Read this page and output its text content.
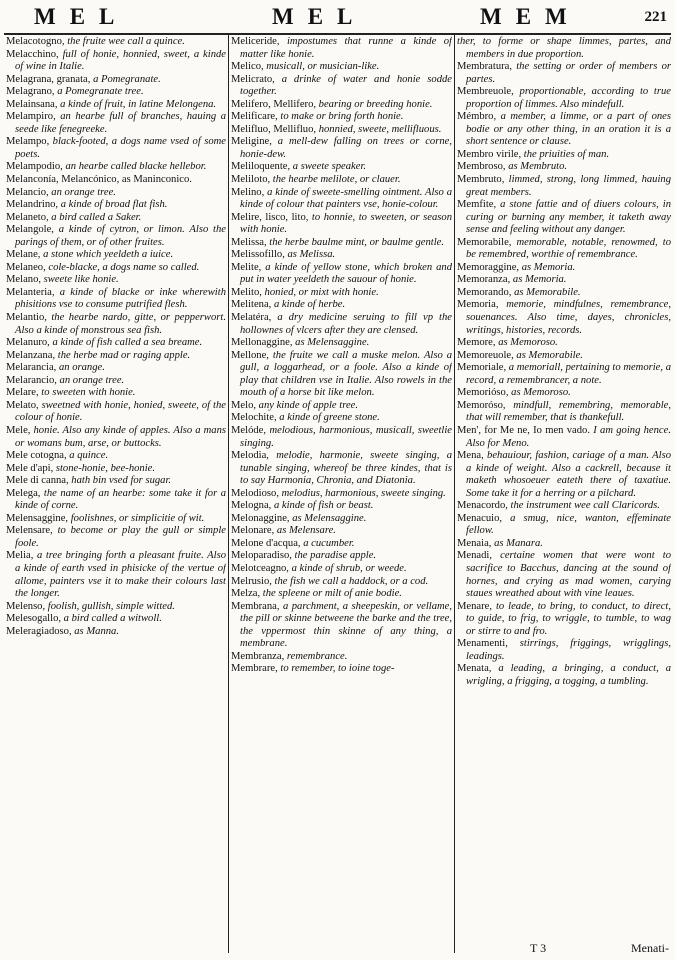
MEL	MEL	MEM	221

Melacotogno, the fruite wee call a quince.

Melacchino, full of honie, honnied, sweet, a kinde of wine in Italie.

Melagrana, granata, a Pomegranate.

Melagrano, a Pomegranate tree.

Melainsana, a kinde of fruit, in latine Melongena.

Melampiro, an hearbe full of branches, hauing a seede like fenegreeke.

Melampo, black-footed, a dogs name vsed of some poets.

Melampodio, an hearbe called blacke hellebor.

Melanconía, Melancónico, as Maninconico.

Melancio, an orange tree.

Melandrino, a kinde of broad flat fish.

Melaneto, a bird called a Saker.

Melangole, a kinde of cytron, or limon. Also the parings of them, or of other fruites.

Melane, a stone which yeeldeth a iuice.

Melaneo, cole-blacke, a dogs name so called.

Melano, sweete like honie.

Melanteria, a kinde of blacke or inke wherewith phisitions vse to consume putrified flesh.

Melantio, the hearbe nardo, gitte, or pepperwort. Also a kinde of monstrous sea fish.

Melanuro, a kinde of fish called a sea breame.

Melanzana, the herbe mad or raging apple.

Melarancia, an orange.

Melarancio, an orange tree.

Melare, to sweeten with honie.

Melato, sweetned with honie, honied, sweete, of the colour of honie.

Mele, honie. Also any kinde of apples. Also a mans or womans bum, arse, or buttocks.

Mele cotogna, a quince.

Mele d'api, stone-honie, bee-honie.

Mele di canna, hath bin vsed for sugar.

Melega, the name of an hearbe: some take it for a kinde of corne.

Melensaggine, foolishnes, or simplicitie of wit.

Melensare, to become or play the gull or simple foole.

Melia, a tree bringing forth a pleasant fruite. Also a kinde of earth vsed in phisicke of the vertue of allome, painters vse it to make their colours last the longer.

Melenso, foolish, gullish, simple witted.

Melesogallo, a bird called a witwoll.

Meleragiadoso, as Manna.

Meliceride, impostumes that runne a kinde of matter like honie.

Melico, musicall, or musician-like.

Melicrato, a drinke of water and honie sodde together.

Melifero, Mellifero, bearing or breeding honie.

Melificare, to make or bring forth honie.

Melifluo, Mellifluo, honnied, sweete, mellifluous.

Meligine, a mell-dew falling on trees or corne, honie-dew.

Meliloquente, a sweete speaker.

Meliloto, the hearbe melilote, or clauer.

Melino, a kinde of sweete-smelling ointment. Also a kinde of colour that painters vse, honie-colour.

Melire, lisco, lito, to honnie, to sweeten, or season with honie.

Melissa, the herbe baulme mint, or baulme gentle.

Melissofillo, as Melissa.

Melite, a kinde of yellow stone, which broken and put in water yeeldeth the sauour of honie.

Melito, honied, or mixt with honie.

Melitena, a kinde of herbe.

Melatéra, a dry medicine seruing to fill vp the hollownes of vlcers after they are clensed.

Mellonaggine, as Melensaggine.

Mellone, the fruite we call a muske melon. Also a gull, a loggarhead, or a foole. Also a kinde of play that children vse in Italie. Also rowels in the mouth of a horse bit like melon.

Melo, any kinde of apple tree.

Melochite, a kinde of greene stone.

Melóde, melodious, harmonious, musicall, sweetlie singing.

Melodia, melodie, harmonie, sweete singing, a tunable singing, whereof be three kindes, that is to say Harmonia, Chronia, and Diatonia.

Melodioso, melodius, harmonious, sweete singing.

Melogna, a kinde of fish or beast.

Melonaggine, as Melensaggine.

Melonare, as Melensare.

Melone d'acqua, a cucumber.

Meloparadiso, the paradise apple.

Melotceagno, a kinde of shrub, or weede.

Melrusio, the fish we call a haddock, or a cod.

Melza, the spleene or milt of anie bodie.

Membrana, a parchment, a sheepeskin, or vellame, the pill or skinne betweene the barke and the tree, the vppermost thin skinne of any thing, a membrane.

Membranza, remembrance.

Membrare, to remember, to ioine toge-

ther, to forme or shape limmes, partes, and members in due proportion.

Membratura, the setting or order of members or partes.

Membreuole, proportionable, according to true proportion of limmes. Also mindefull.

Mémbro, a member, a limme, or a part of ones bodie or any other thing, in an oration it is a short sentence or clause.

Membro virile, the priuities of man.

Membroso, as Membruto.

Membruto, limmed, strong, long limmed, hauing great members.

Memfite, a stone fattie and of diuers colours, in curing or burning any member, it taketh away sense and feeling without any danger.

Memorabile, memorable, notable, renowmed, to be remembred, worthie of remembrance.

Memoraggine, as Memoria.

Memoranza, as Memoria.

Memorando, as Memorabile.

Memoria, memorie, mindfulnes, remembrance, souenances. Also time, dayes, chronicles, writings, histories, records.

Memore, as Memoroso.

Memoreuole, as Memorabile.

Memoriale, a memoriall, pertaining to memorie, a record, a remembrancer, a note.

Memorióso, as Memoroso.

Memoróso, mindfull, remembring, memorable, that will remember, that is thankefull.

Men', for Me ne, Io men vado. I am going hence. Also for Meno.

Mena, behauiour, fashion, cariage of a man. Also a kinde of weight. Also a cackrell, because it maketh whosoeuer eateth there of taxatiue. Some take it for a herring or a pilchard.

Menacordo, the instrument wee call Claricords.

Menacuio, a smug, nice, wanton, effeminate fellow.

Menaia, as Manara.

Menadi, certaine women that were wont to sacrifice to Bacchus, dancing at the sound of hornes, and crying as mad women, carying staues wreathed about with vine leaues.

Menare, to leade, to bring, to conduct, to direct, to guide, to frig, to wriggle, to tumble, to wag or stirre to and fro.

Menamenti, stirrings, friggings, wrigglings, leadings.

Menata, a leading, a bringing, a conduct, a wrigling, a frigging, a togging, a tumbling.

T 3	Menati-
